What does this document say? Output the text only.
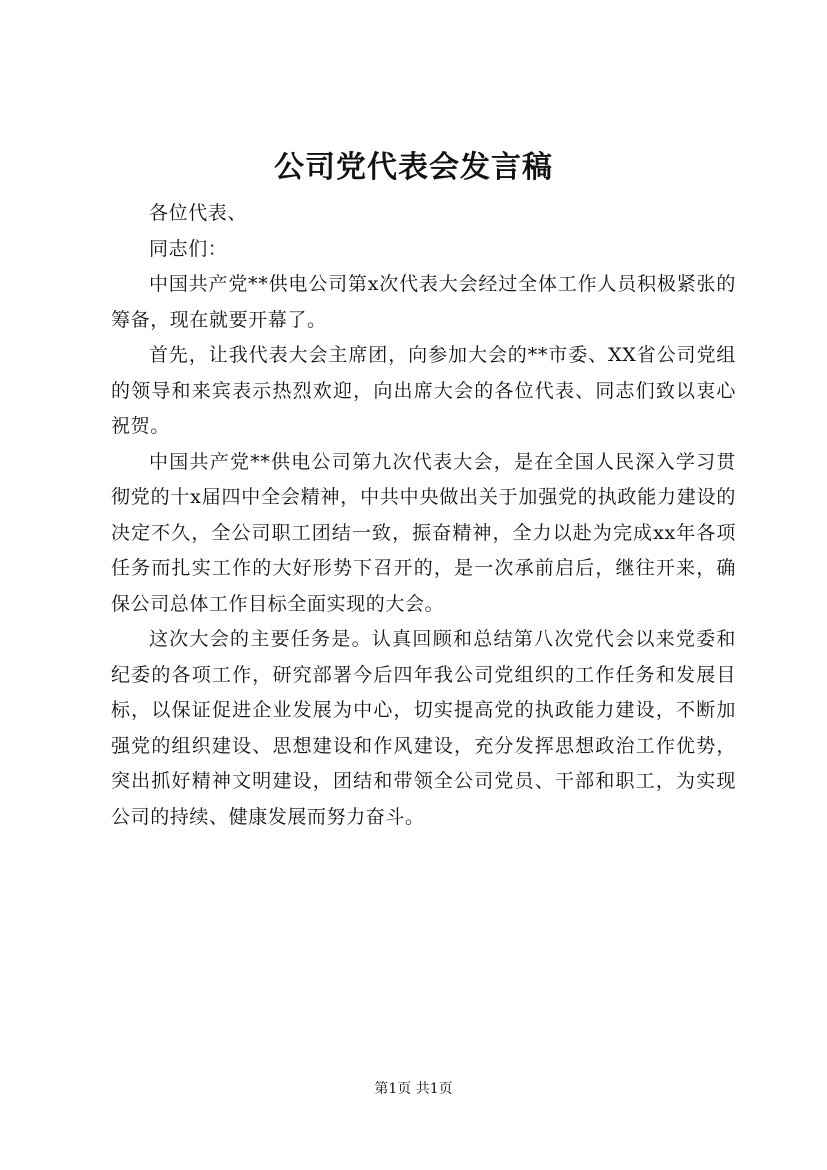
公司党代表会发言稿

各位代表、

同志们：

中国共产党**供电公司第x次代表大会经过全体工作人员积极紧张的筹备，现在就要开幕了。

首先，让我代表大会主席团，向参加大会的**市委、XX省公司党组的领导和来宾表示热烈欢迎，向出席大会的各位代表、同志们致以衷心祝贺。

中国共产党**供电公司第九次代表大会，是在全国人民深入学习贯彻党的十x届四中全会精神，中共中央做出关于加强党的执政能力建设的决定不久，全公司职工团结一致，振奋精神，全力以赴为完成xx年各项任务而扎实工作的大好形势下召开的，是一次承前启后，继往开来，确保公司总体工作目标全面实现的大会。

这次大会的主要任务是。认真回顾和总结第八次党代会以来党委和纪委的各项工作，研究部署今后四年我公司党组织的工作任务和发展目标，以保证促进企业发展为中心，切实提高党的执政能力建设，不断加强党的组织建设、思想建设和作风建设，充分发挥思想政治工作优势，突出抓好精神文明建设，团结和带领全公司党员、干部和职工，为实现公司的持续、健康发展而努力奋斗。

第1页 共1页
